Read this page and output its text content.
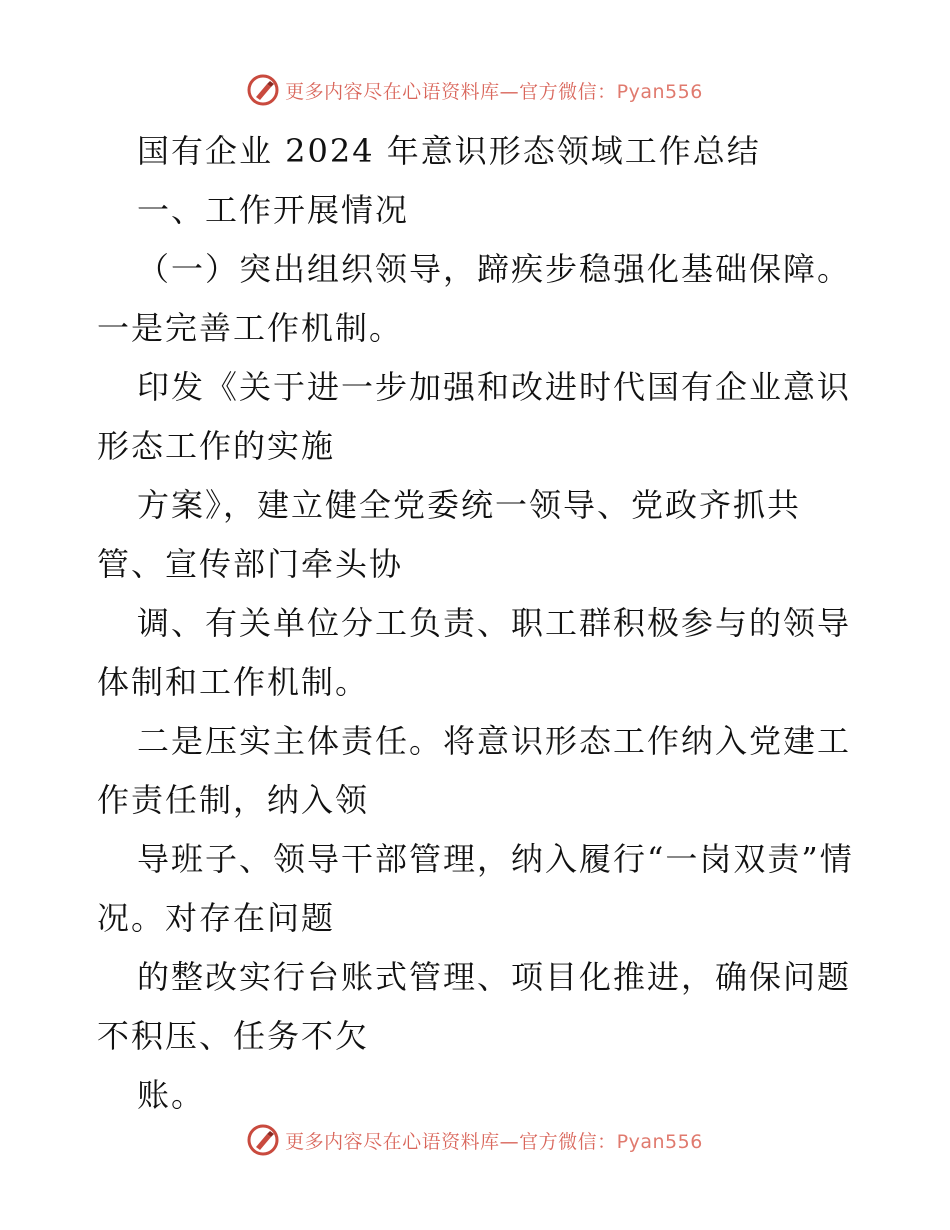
更多内容尽在心语资料库—官方微信：Pyan556

国有企业 2024 年意识形态领域工作总结

一、工作开展情况

（一）突出组织领导，蹄疾步稳强化基础保障。一是完善工作机制。

印发《关于进一步加强和改进时代国有企业意识形态工作的实施

方案》，建立健全党委统一领导、党政齐抓共管、宣传部门牵头协

调、有关单位分工负责、职工群积极参与的领导体制和工作机制。

二是压实主体责任。将意识形态工作纳入党建工作责任制，纳入领

导班子、领导干部管理，纳入履行“一岗双责”情况。对存在问题

的整改实行台账式管理、项目化推进，确保问题不积压、任务不欠

账。

更多内容尽在心语资料库—官方微信：Pyan556
